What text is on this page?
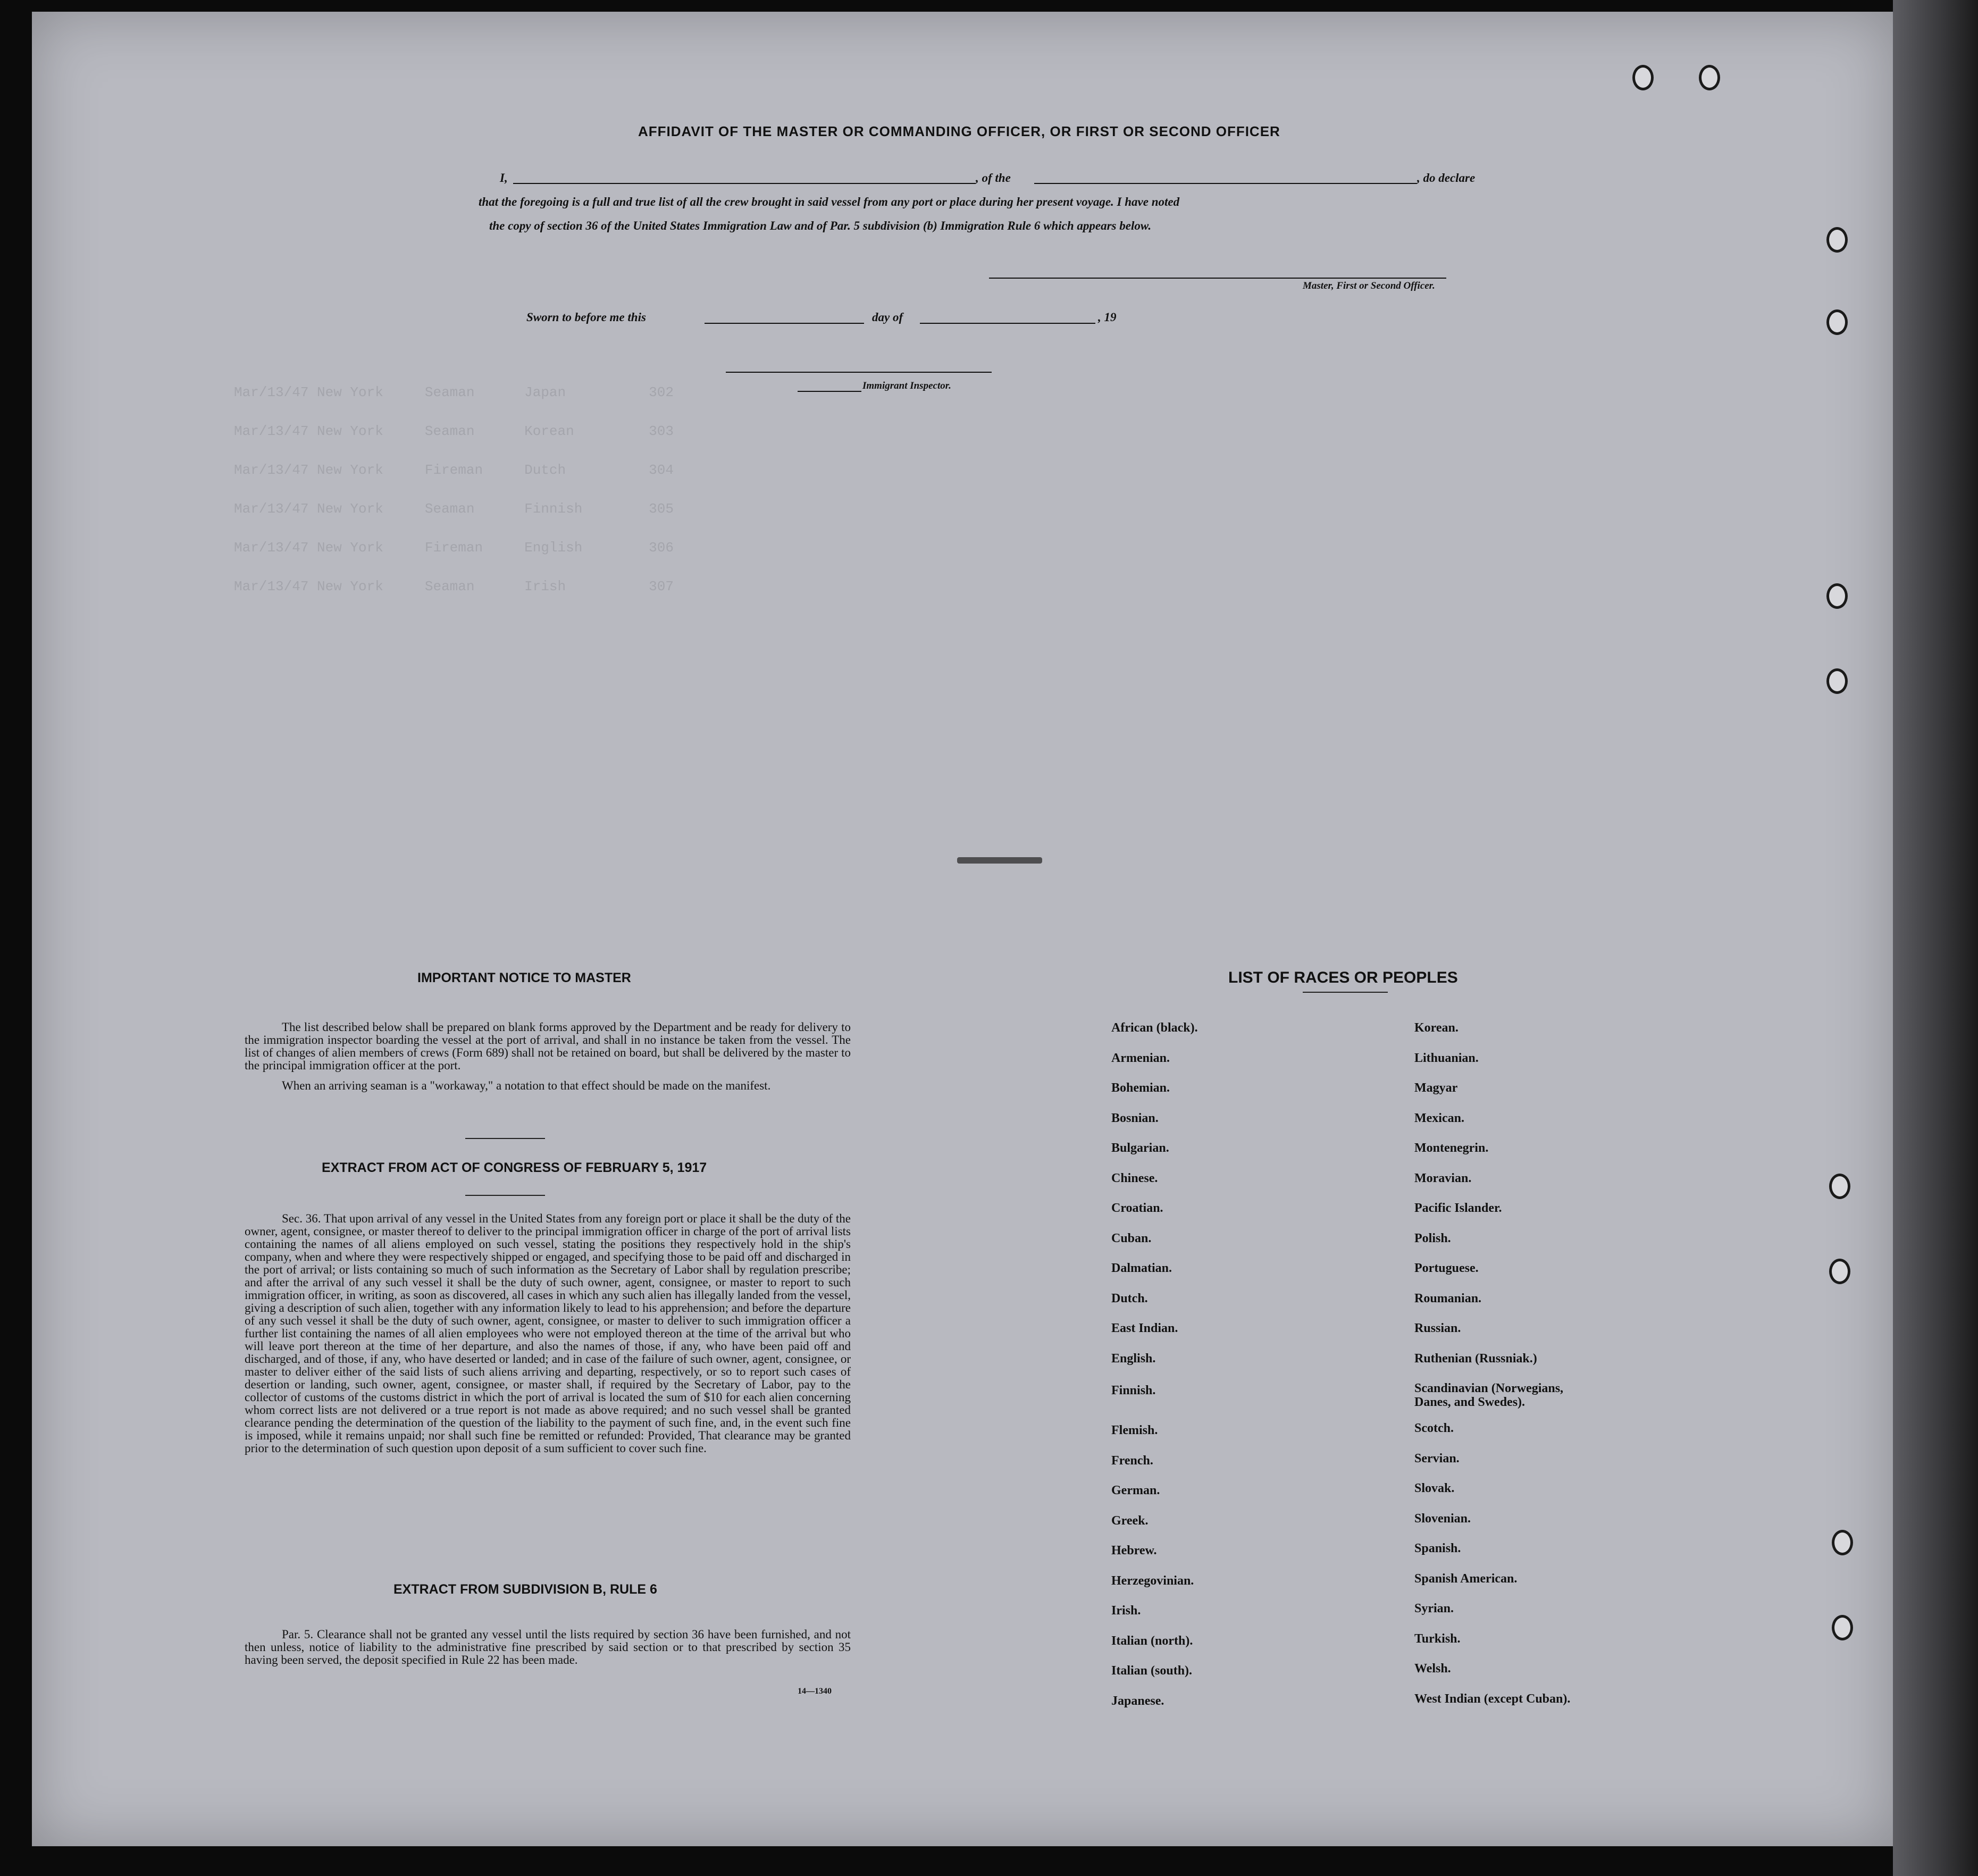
Mar/13/47 New York     Seaman      Japan          302
Mar/13/47 New York     Seaman      Korean         303
Mar/13/47 New York     Fireman     Dutch          304
Mar/13/47 New York     Seaman      Finnish        305
Mar/13/47 New York     Fireman     English        306
Mar/13/47 New York     Seaman      Irish          307
AFFIDAVIT OF THE MASTER OR COMMANDING OFFICER, OR FIRST OR SECOND OFFICER
I,	, of the	, do declare
that the foregoing is a full and true list of all the crew brought in said vessel from any port or place during her present voyage. I have noted
the copy of section 36 of the United States Immigration Law and of Par. 5 subdivision (b) Immigration Rule 6 which appears below.
Master, First or Second Officer.
Sworn to before me this	day of	, 19
Immigrant Inspector.
IMPORTANT NOTICE TO MASTER

The list described below shall be prepared on blank forms approved by the Department and be ready for delivery to the immigration inspector boarding the vessel at the port of arrival, and shall in no instance be taken from the vessel. The list of changes of alien members of crews (Form 689) shall not be retained on board, but shall be delivered by the master to the principal immigration officer at the port.

When an arriving seaman is a "workaway," a notation to that effect should be made on the manifest.

EXTRACT FROM ACT OF CONGRESS OF FEBRUARY 5, 1917

Sec. 36. That upon arrival of any vessel in the United States from any foreign port or place it shall be the duty of the owner, agent, consignee, or master thereof to deliver to the principal immigration officer in charge of the port of arrival lists containing the names of all aliens employed on such vessel, stating the positions they respectively hold in the ship's company, when and where they were respectively shipped or engaged, and specifying those to be paid off and discharged in the port of arrival; or lists containing so much of such information as the Secretary of Labor shall by regulation prescribe; and after the arrival of any such vessel it shall be the duty of such owner, agent, consignee, or master to report to such immigration officer, in writing, as soon as discovered, all cases in which any such alien has illegally landed from the vessel, giving a description of such alien, together with any information likely to lead to his apprehension; and before the departure of any such vessel it shall be the duty of such owner, agent, consignee, or master to deliver to such immigration officer a further list containing the names of all alien employees who were not employed thereon at the time of the arrival but who will leave port thereon at the time of her departure, and also the names of those, if any, who have been paid off and discharged, and of those, if any, who have deserted or landed; and in case of the failure of such owner, agent, consignee, or master to deliver either of the said lists of such aliens arriving and departing, respectively, or so to report such cases of desertion or landing, such owner, agent, consignee, or master shall, if required by the Secretary of Labor, pay to the collector of customs of the customs district in which the port of arrival is located the sum of $10 for each alien concerning whom correct lists are not delivered or a true report is not made as above required; and no such vessel shall be granted clearance pending the determination of the question of the liability to the payment of such fine, and, in the event such fine is imposed, while it remains unpaid; nor shall such fine be remitted or refunded: Provided, That clearance may be granted prior to the determination of such question upon deposit of a sum sufficient to cover such fine.

EXTRACT FROM SUBDIVISION B, RULE 6

Par. 5. Clearance shall not be granted any vessel until the lists required by section 36 have been furnished, and not then unless, notice of liability to the administrative fine prescribed by said section or to that prescribed by section 35 having been served, the deposit specified in Rule 22 has been made.

14—1340
LIST OF RACES OR PEOPLES
African (black).
Armenian.
Bohemian.
Bosnian.
Bulgarian.
Chinese.
Croatian.
Cuban.
Dalmatian.
Dutch.
East Indian.
English.
Finnish.
Flemish.
French.
German.
Greek.
Hebrew.
Herzegovinian.
Irish.
Italian (north).
Italian (south).
Japanese.
Korean.
Lithuanian.
Magyar
Mexican.
Montenegrin.
Moravian.
Pacific Islander.
Polish.
Portuguese.
Roumanian.
Russian.
Ruthenian (Russniak.)
Scandinavian (Norwegians, Danes, and Swedes).
Scotch.
Servian.
Slovak.
Slovenian.
Spanish.
Spanish American.
Syrian.
Turkish.
Welsh.
West Indian (except Cuban).
